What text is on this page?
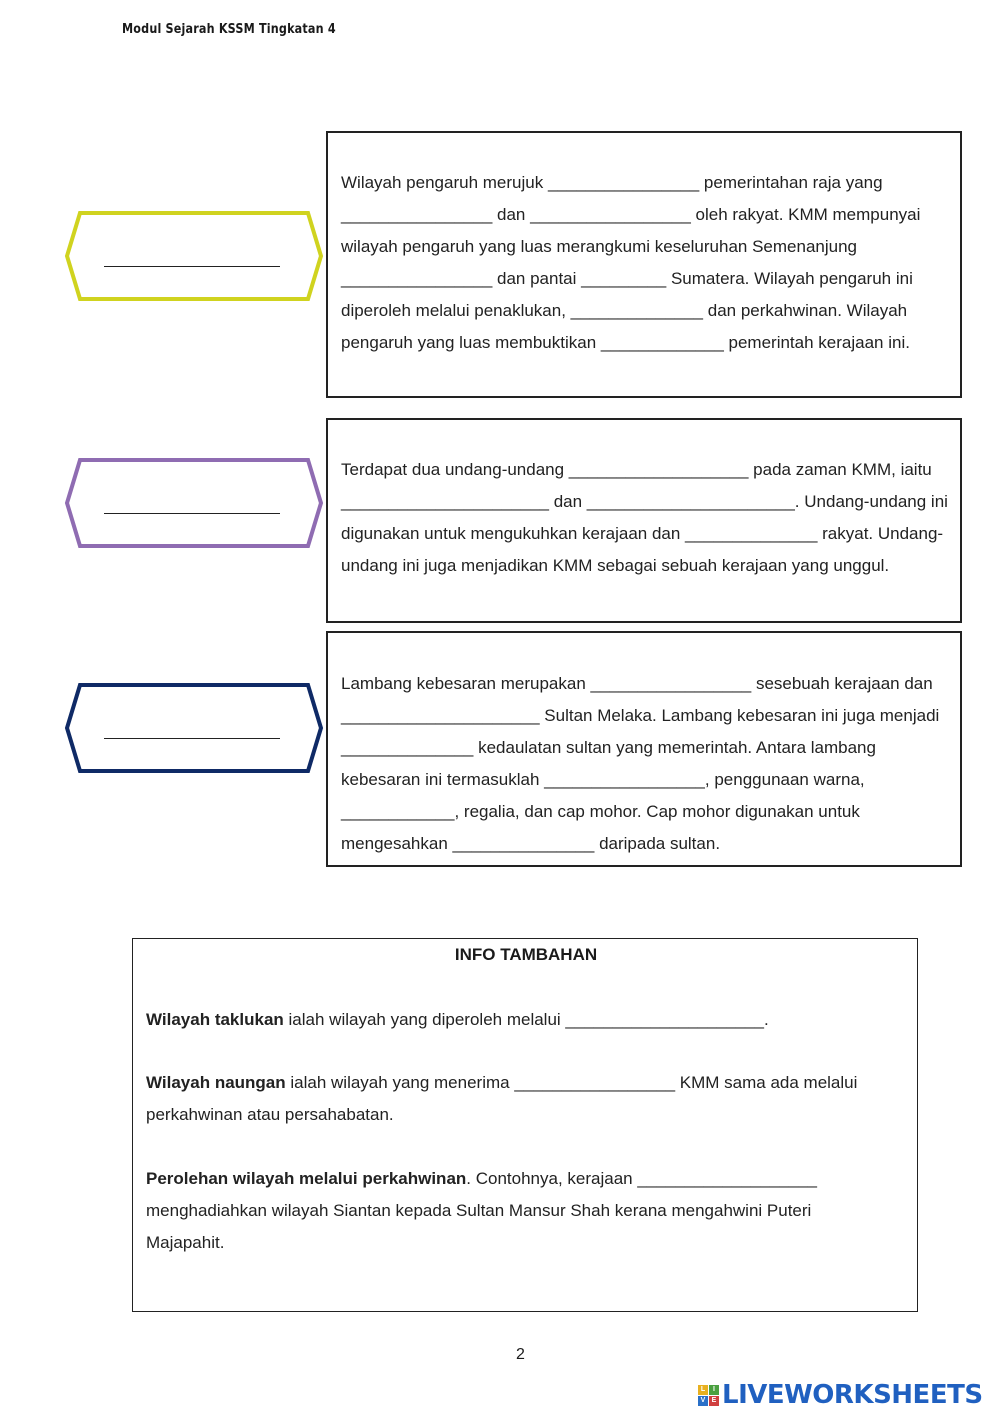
Modul Sejarah KSSM Tingkatan 4

Wilayah pengaruh merujuk ________________ pemerintahan raja yang ________________ dan _________________ oleh rakyat. KMM mempunyai wilayah pengaruh yang luas merangkumi keseluruhan Semenanjung ________________ dan pantai _________ Sumatera. Wilayah pengaruh ini diperoleh melalui penaklukan, ______________ dan perkahwinan. Wilayah pengaruh yang luas membuktikan _____________ pemerintah kerajaan ini.

Terdapat dua undang-undang ___________________ pada zaman KMM, iaitu ______________________ dan ______________________. Undang-undang ini digunakan untuk mengukuhkan kerajaan dan ______________ rakyat. Undang-undang ini juga menjadikan KMM sebagai sebuah kerajaan yang unggul.

Lambang kebesaran merupakan _________________ sesebuah kerajaan dan _____________________ Sultan Melaka. Lambang kebesaran ini juga menjadi ______________ kedaulatan sultan yang memerintah. Antara lambang kebesaran ini termasuklah _________________, penggunaan warna, ____________, regalia, dan cap mohor. Cap mohor digunakan untuk mengesahkan _______________ daripada sultan.

INFO TAMBAHAN

Wilayah taklukan ialah wilayah yang diperoleh melalui _____________________.

Wilayah naungan ialah wilayah yang menerima _________________ KMM sama ada melalui perkahwinan atau persahabatan.

Perolehan wilayah melalui perkahwinan. Contohnya, kerajaan ___________________ menghadiahkan wilayah Siantan kepada Sultan Mansur Shah kerana mengahwini Puteri Majapahit.

2
L	I
V E LIVEWORKSHEETS
